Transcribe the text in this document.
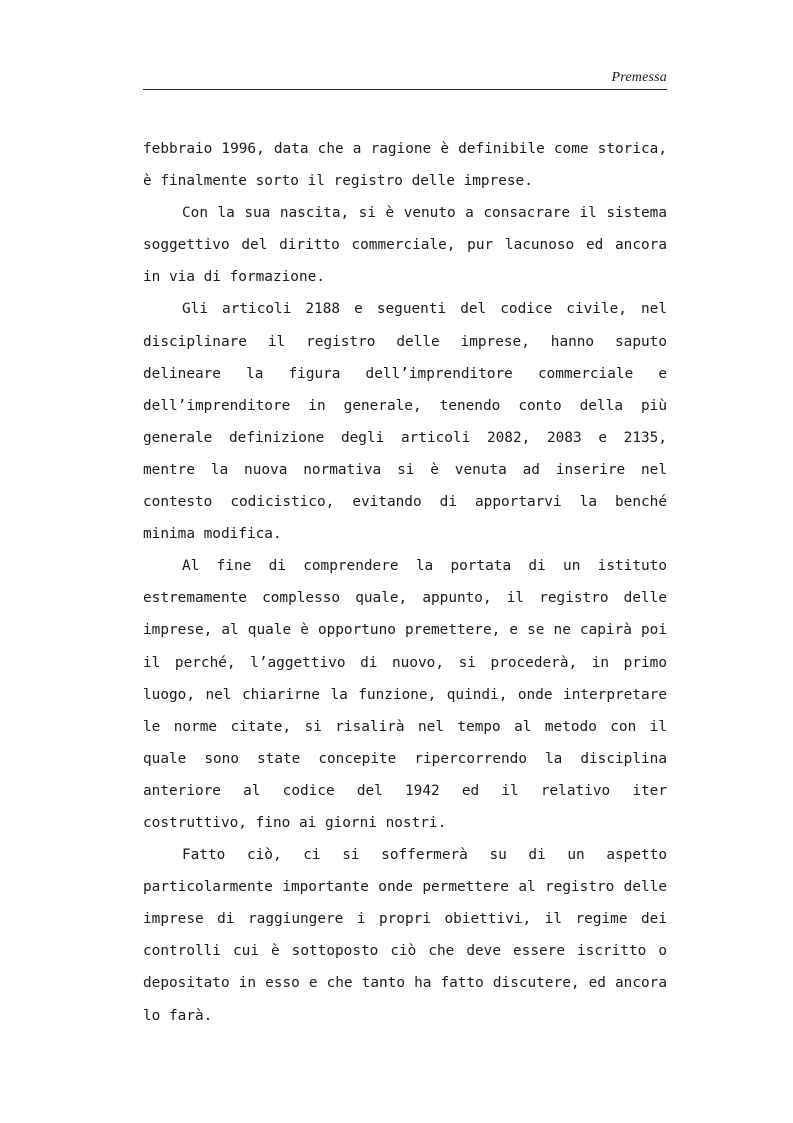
Premessa

febbraio 1996, data che a ragione è definibile come storica, è finalmente sorto il registro delle imprese.

Con la sua nascita, si è venuto a consacrare il sistema soggettivo del diritto commerciale, pur lacunoso ed ancora in via di formazione.

Gli articoli 2188 e seguenti del codice civile, nel disciplinare il registro delle imprese, hanno saputo delineare la figura dell’imprenditore commerciale e dell’imprenditore in generale, tenendo conto della più generale definizione degli articoli 2082, 2083 e 2135, mentre la nuova normativa si è venuta ad inserire nel contesto codicistico, evitando di apportarvi la benché minima modifica.

Al fine di comprendere la portata di un istituto estremamente complesso quale, appunto, il registro delle imprese, al quale è opportuno premettere, e se ne capirà poi il perché, l’aggettivo di nuovo, si procederà, in primo luogo, nel chiarirne la funzione, quindi, onde interpretare le norme citate, si risalirà nel tempo al metodo con il quale sono state concepite ripercorrendo la disciplina anteriore al codice del 1942 ed il relativo iter costruttivo, fino ai giorni nostri.

Fatto ciò, ci si soffermerà su di un aspetto particolarmente importante onde permettere al registro delle imprese di raggiungere i propri obiettivi, il regime dei controlli cui è sottoposto ciò che deve essere iscritto o depositato in esso e che tanto ha fatto discutere, ed ancora lo farà.
